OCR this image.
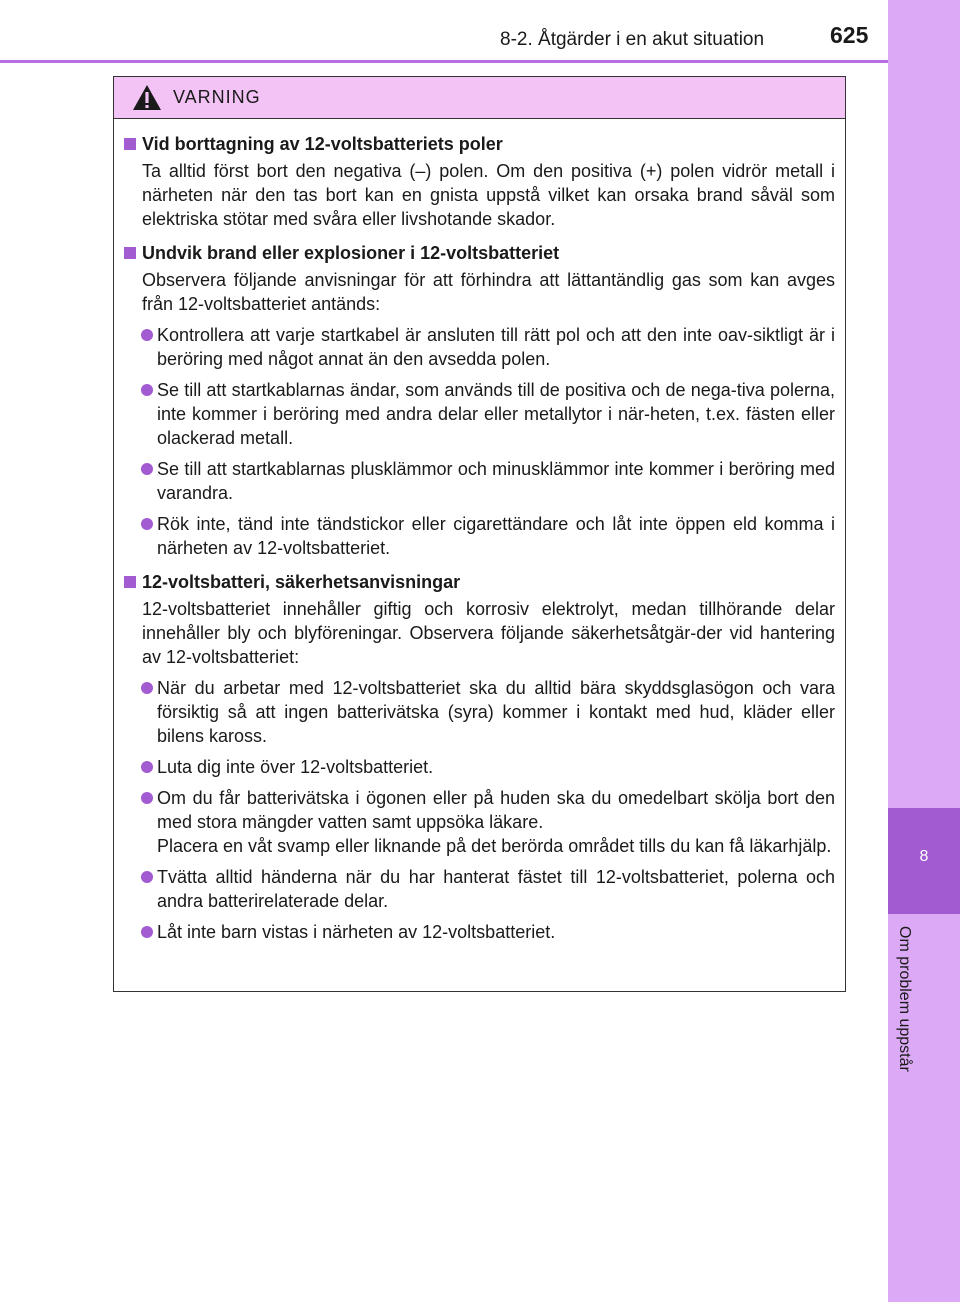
8
Om problem uppstår
8-2. Åtgärder i en akut situation	625
VARNING
Vid borttagning av 12-voltsbatteriets poler
Ta alltid först bort den negativa (–) polen. Om den positiva (+) polen vidrör metall i närheten när den tas bort kan en gnista uppstå vilket kan orsaka brand såväl som elektriska stötar med svåra eller livshotande skador.
Undvik brand eller explosioner i 12-voltsbatteriet
Observera följande anvisningar för att förhindra att lättantändlig gas som kan avges från 12-voltsbatteriet antänds:
Kontrollera att varje startkabel är ansluten till rätt pol och att den inte oav-siktligt är i beröring med något annat än den avsedda polen.
Se till att startkablarnas ändar, som används till de positiva och de nega-tiva polerna, inte kommer i beröring med andra delar eller metallytor i när-heten, t.ex. fästen eller olackerad metall.
Se till att startkablarnas plusklämmor och minusklämmor inte kommer i beröring med varandra.
Rök inte, tänd inte tändstickor eller cigarettändare och låt inte öppen eld komma i närheten av 12-voltsbatteriet.
12-voltsbatteri, säkerhetsanvisningar
12-voltsbatteriet innehåller giftig och korrosiv elektrolyt, medan tillhörande delar innehåller bly och blyföreningar. Observera följande säkerhetsåtgär-der vid hantering av 12-voltsbatteriet:
När du arbetar med 12-voltsbatteriet ska du alltid bära skyddsglasögon och vara försiktig så att ingen batterivätska (syra) kommer i kontakt med hud, kläder eller bilens kaross.
Luta dig inte över 12-voltsbatteriet.
Om du får batterivätska i ögonen eller på huden ska du omedelbart skölja bort den med stora mängder vatten samt uppsöka läkare.
Placera en våt svamp eller liknande på det berörda området tills du kan få läkarhjälp.
Tvätta alltid händerna när du har hanterat fästet till 12-voltsbatteriet, polerna och andra batterirelaterade delar.
Låt inte barn vistas i närheten av 12-voltsbatteriet.
